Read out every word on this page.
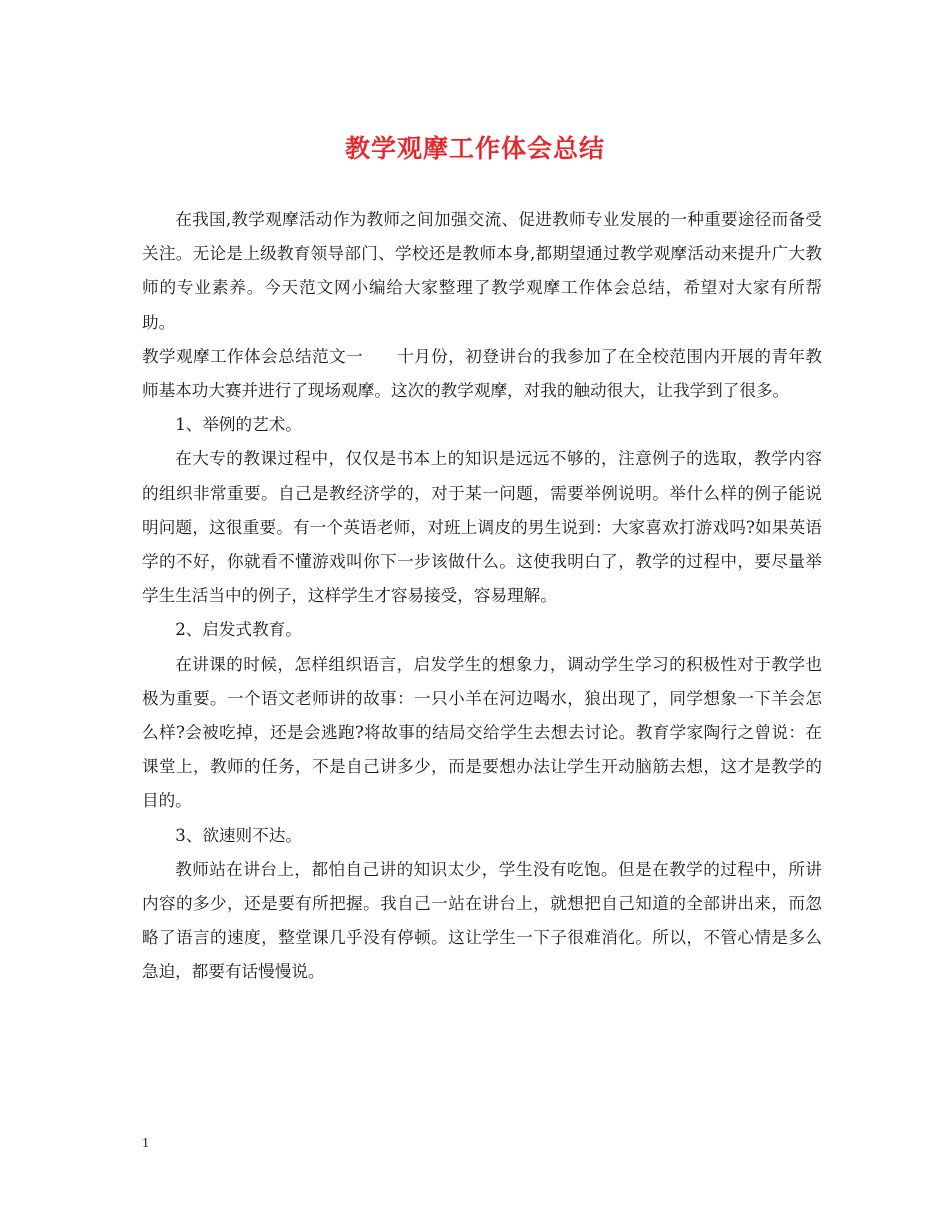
教学观摩工作体会总结

在我国,教学观摩活动作为教师之间加强交流、促进教师专业发展的一种重要途径而备受关注。无论是上级教育领导部门、学校还是教师本身,都期望通过教学观摩活动来提升广大教师的专业素养。今天范文网小编给大家整理了教学观摩工作体会总结，希望对大家有所帮助。

教学观摩工作体会总结范文一　　十月份，初登讲台的我参加了在全校范围内开展的青年教师基本功大赛并进行了现场观摩。这次的教学观摩，对我的触动很大，让我学到了很多。

1、举例的艺术。

在大专的教课过程中，仅仅是书本上的知识是远远不够的，注意例子的选取，教学内容的组织非常重要。自己是教经济学的，对于某一问题，需要举例说明。举什么样的例子能说明问题，这很重要。有一个英语老师，对班上调皮的男生说到：大家喜欢打游戏吗?如果英语学的不好，你就看不懂游戏叫你下一步该做什么。这使我明白了，教学的过程中，要尽量举学生生活当中的例子，这样学生才容易接受，容易理解。

2、启发式教育。

在讲课的时候，怎样组织语言，启发学生的想象力，调动学生学习的积极性对于教学也极为重要。一个语文老师讲的故事：一只小羊在河边喝水，狼出现了，同学想象一下羊会怎么样?会被吃掉，还是会逃跑?将故事的结局交给学生去想去讨论。教育学家陶行之曾说：在课堂上，教师的任务，不是自己讲多少，而是要想办法让学生开动脑筋去想，这才是教学的目的。

3、欲速则不达。

教师站在讲台上，都怕自己讲的知识太少，学生没有吃饱。但是在教学的过程中，所讲内容的多少，还是要有所把握。我自己一站在讲台上，就想把自己知道的全部讲出来，而忽略了语言的速度，整堂课几乎没有停顿。这让学生一下子很难消化。所以，不管心情是多么急迫，都要有话慢慢说。

1
